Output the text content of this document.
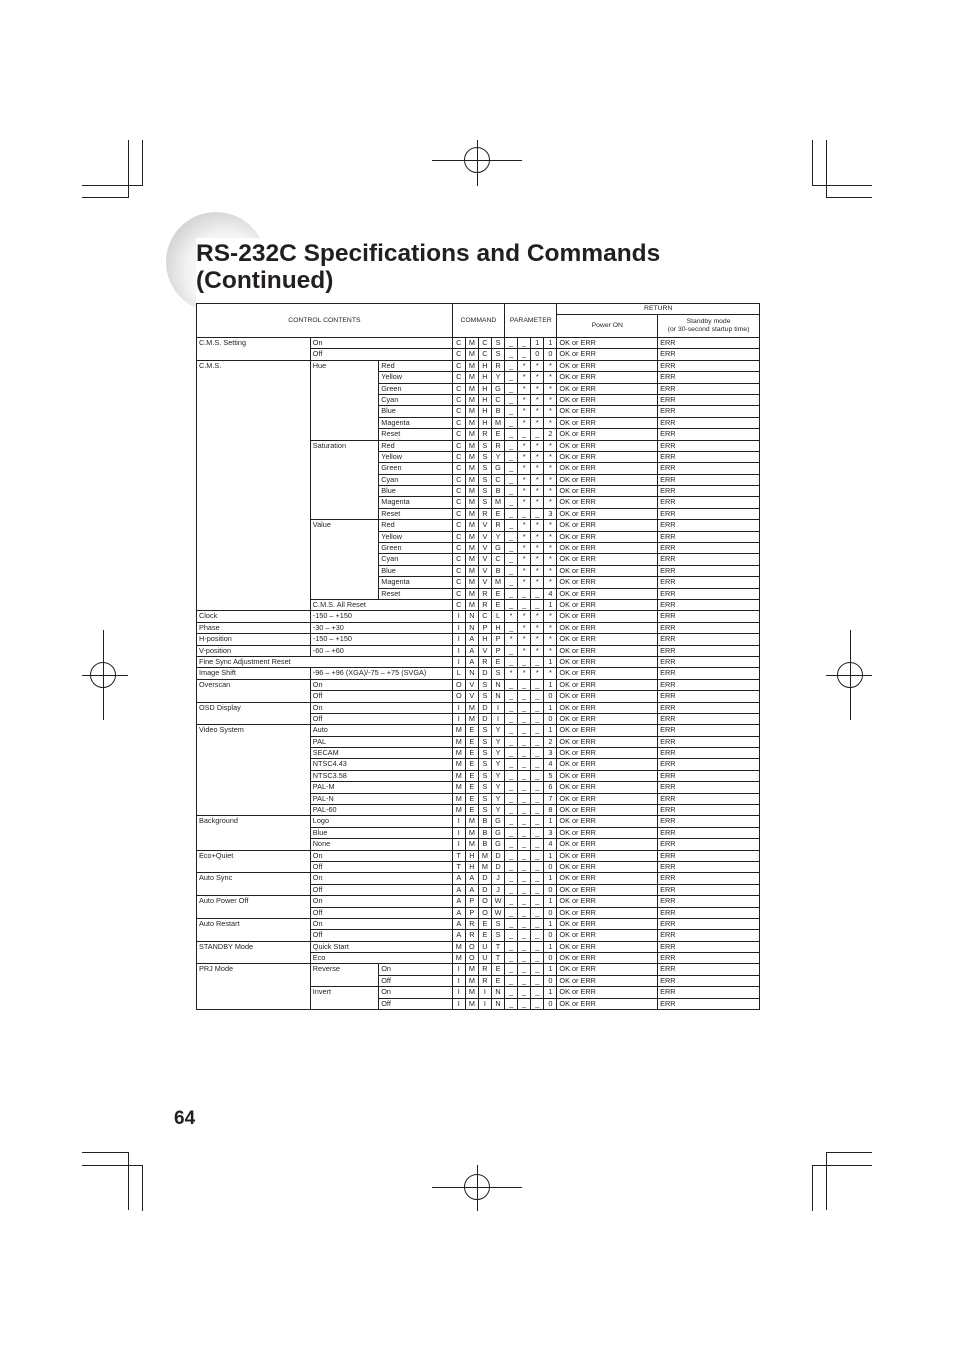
RS-232C Specifications and Commands
(Continued)
CONTROL CONTENTS			COMMAND				PARAMETER				RETURN	
											Power ON	Standby mode
(or 30-second startup time)

C.M.S. Setting	On		C	M	C	S	_	_	1	1	OK or ERR	ERR
	Off		C	M	C	S	_	_	0	0	OK or ERR	ERR
C.M.S.	Hue	Red	C	M	H	R	_	*	*	*	OK or ERR	ERR
		Yellow	C	M	H	Y	_	*	*	*	OK or ERR	ERR
		Green	C	M	H	G	_	*	*	*	OK or ERR	ERR
		Cyan	C	M	H	C	_	*	*	*	OK or ERR	ERR
		Blue	C	M	H	B	_	*	*	*	OK or ERR	ERR
		Magenta	C	M	H	M	_	*	*	*	OK or ERR	ERR
		Reset	C	M	R	E	_	_	_	2	OK or ERR	ERR
	Saturation	Red	C	M	S	R	_	*	*	*	OK or ERR	ERR
		Yellow	C	M	S	Y	_	*	*	*	OK or ERR	ERR
		Green	C	M	S	G	_	*	*	*	OK or ERR	ERR
		Cyan	C	M	S	C	_	*	*	*	OK or ERR	ERR
		Blue	C	M	S	B	_	*	*	*	OK or ERR	ERR
		Magenta	C	M	S	M	_	*	*	*	OK or ERR	ERR
		Reset	C	M	R	E	_	_	_	3	OK or ERR	ERR
	Value	Red	C	M	V	R	_	*	*	*	OK or ERR	ERR
		Yellow	C	M	V	Y	_	*	*	*	OK or ERR	ERR
		Green	C	M	V	G	_	*	*	*	OK or ERR	ERR
		Cyan	C	M	V	C	_	*	*	*	OK or ERR	ERR
		Blue	C	M	V	B	_	*	*	*	OK or ERR	ERR
		Magenta	C	M	V	M	_	*	*	*	OK or ERR	ERR
		Reset	C	M	R	E	_	_	_	4	OK or ERR	ERR
	C.M.S. All Reset		C	M	R	E	_	_	_	1	OK or ERR	ERR
Clock	-150 – +150		I	N	C	L	*	*	*	*	OK or ERR	ERR
Phase	-30 – +30		I	N	P	H	_	*	*	*	OK or ERR	ERR
H-position	-150 – +150		I	A	H	P	*	*	*	*	OK or ERR	ERR
V-position	-60 – +60		I	A	V	P	_	*	*	*	OK or ERR	ERR
Fine Sync Adjustment Reset			I	A	R	E	_	_	_	1	OK or ERR	ERR
Image Shift	-96 – +96 (XGA)/-75 – +75 (SVGA)		L	N	D	S	*	*	*	*	OK or ERR	ERR
Overscan	On		O	V	S	N	_	_	_	1	OK or ERR	ERR
	Off		O	V	S	N	_	_	_	0	OK or ERR	ERR
OSD Display	On		I	M	D	I	_	_	_	1	OK or ERR	ERR
	Off		I	M	D	I	_	_	_	0	OK or ERR	ERR
Video System	Auto		M	E	S	Y	_	_	_	1	OK or ERR	ERR
	PAL		M	E	S	Y	_	_	_	2	OK or ERR	ERR
	SECAM		M	E	S	Y	_	_	_	3	OK or ERR	ERR
	NTSC4.43		M	E	S	Y	_	_	_	4	OK or ERR	ERR
	NTSC3.58		M	E	S	Y	_	_	_	5	OK or ERR	ERR
	PAL-M		M	E	S	Y	_	_	_	6	OK or ERR	ERR
	PAL-N		M	E	S	Y	_	_	_	7	OK or ERR	ERR
	PAL-60		M	E	S	Y	_	_	_	8	OK or ERR	ERR
Background	Logo		I	M	B	G	_	_	_	1	OK or ERR	ERR
	Blue		I	M	B	G	_	_	_	3	OK or ERR	ERR
	None		I	M	B	G	_	_	_	4	OK or ERR	ERR
Eco+Quiet	On		T	H	M	D	_	_	_	1	OK or ERR	ERR
	Off		T	H	M	D	_	_	_	0	OK or ERR	ERR
Auto Sync	On		A	A	D	J	_	_	_	1	OK or ERR	ERR
	Off		A	A	D	J	_	_	_	0	OK or ERR	ERR
Auto Power Off	On		A	P	O	W	_	_	_	1	OK or ERR	ERR
	Off		A	P	O	W	_	_	_	0	OK or ERR	ERR
Auto Restart	On		A	R	E	S	_	_	_	1	OK or ERR	ERR
	Off		A	R	E	S	_	_	_	0	OK or ERR	ERR
STANDBY Mode	Quick Start		M	O	U	T	_	_	_	1	OK or ERR	ERR
	Eco		M	O	U	T	_	_	_	0	OK or ERR	ERR
PRJ Mode	Reverse	On	I	M	R	E	_	_	_	1	OK or ERR	ERR
		Off	I	M	R	E	_	_	_	0	OK or ERR	ERR
	Invert	On	I	M	I	N	_	_	_	1	OK or ERR	ERR
		Off	I	M	I	N	_	_	_	0	OK or ERR	ERR
64
